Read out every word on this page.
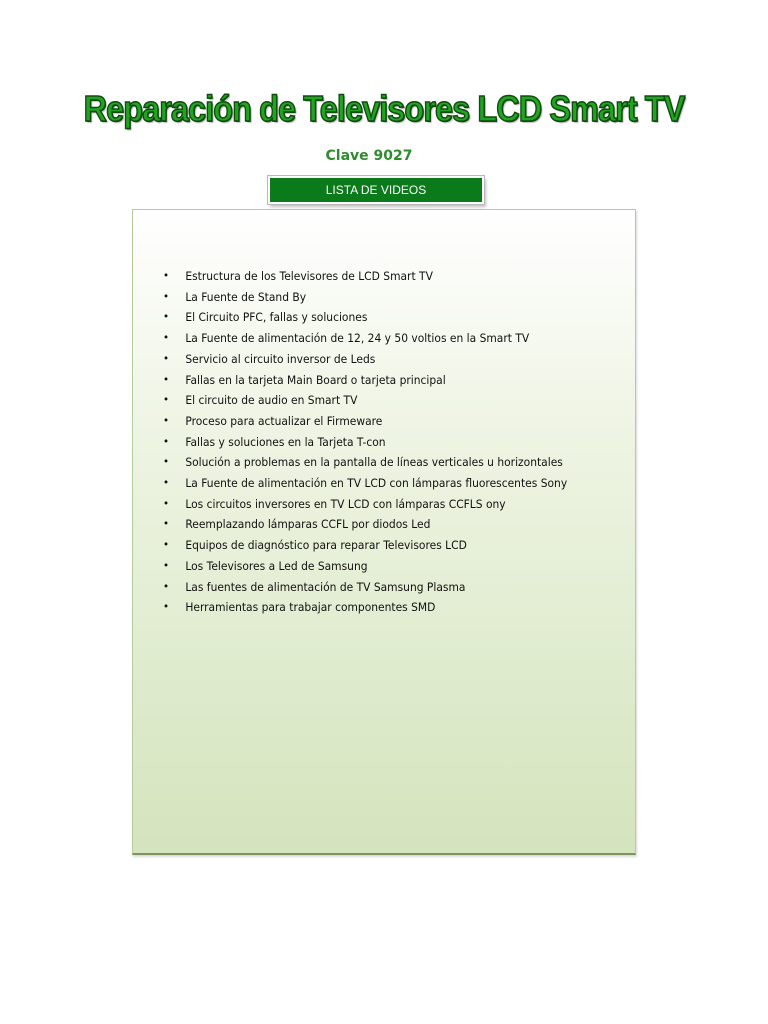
Reparación de Televisores LCD Smart TV
Clave 9027
LISTA DE VIDEOS
• Estructura de los Televisores de LCD Smart TV
• La Fuente de Stand By
• El Circuito PFC, fallas y soluciones
• La Fuente de alimentación de 12, 24 y 50 voltios en la Smart TV
• Servicio al circuito inversor de Leds
• Fallas en la tarjeta Main Board o tarjeta principal
• El circuito de audio en Smart TV
• Proceso para actualizar el Firmeware
• Fallas y soluciones en la Tarjeta T-con
• Solución a problemas en la pantalla de líneas verticales u horizontales
• La Fuente de alimentación en TV LCD con lámparas fluorescentes Sony
• Los circuitos inversores en TV LCD con lámparas CCFLS ony
• Reemplazando lámparas CCFL por diodos Led
• Equipos de diagnóstico para reparar Televisores LCD
• Los Televisores a Led de Samsung
• Las fuentes de alimentación de TV Samsung Plasma
• Herramientas para trabajar componentes SMD
